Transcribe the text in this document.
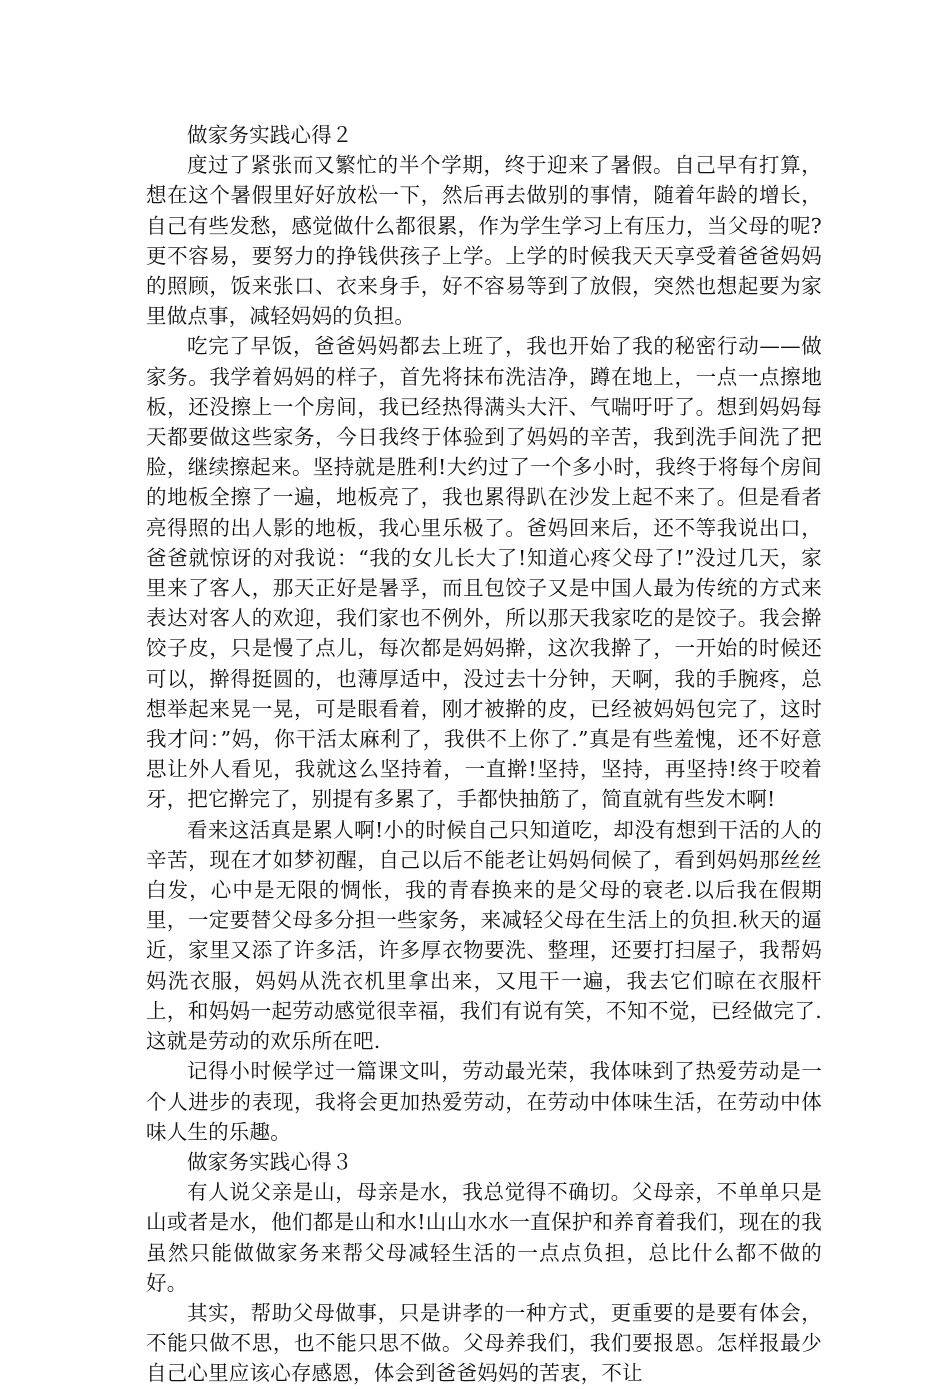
做家务实践心得２

度过了紧张而又繁忙的半个学期，终于迎来了暑假。自己早有打算，想在这个暑假里好好放松一下，然后再去做别的事情，随着年龄的增长，自己有些发愁，感觉做什么都很累，作为学生学习上有压力，当父母的呢?更不容易，要努力的挣钱供孩子上学。上学的时候我天天享受着爸爸妈妈的照顾，饭来张口、衣来身手，好不容易等到了放假，突然也想起要为家里做点事，减轻妈妈的负担。

吃完了早饭，爸爸妈妈都去上班了，我也开始了我的秘密行动——做家务。我学着妈妈的样子，首先将抹布洗洁净，蹲在地上，一点一点擦地板，还没擦上一个房间，我已经热得满头大汗、气喘吁吁了。想到妈妈每天都要做这些家务，今日我终于体验到了妈妈的辛苦，我到洗手间洗了把脸，继续擦起来。坚持就是胜利!大约过了一个多小时，我终于将每个房间的地板全擦了一遍，地板亮了，我也累得趴在沙发上起不来了。但是看者亮得照的出人影的地板，我心里乐极了。爸妈回来后，还不等我说出口，爸爸就惊讶的对我说：“我的女儿长大了!知道心疼父母了!”没过几天，家里来了客人，那天正好是暑孚，而且包饺子又是中国人最为传统的方式来表达对客人的欢迎，我们家也不例外，所以那天我家吃的是饺子。我会擀饺子皮，只是慢了点儿，每次都是妈妈擀，这次我擀了，一开始的时候还可以，擀得挺圆的，也薄厚适中，没过去十分钟，天啊，我的手腕疼，总想举起来晃一晃，可是眼看着，刚才被擀的皮，已经被妈妈包完了，这时我才问：”妈，你干活太麻利了，我供不上你了.”真是有些羞愧，还不好意思让外人看见，我就这么坚持着，一直擀!坚持，坚持，再坚持!终于咬着牙，把它擀完了，别提有多累了，手都快抽筋了，简直就有些发木啊!

看来这活真是累人啊!小的时候自己只知道吃，却没有想到干活的人的辛苦，现在才如梦初醒，自己以后不能老让妈妈伺候了，看到妈妈那丝丝白发，心中是无限的惆怅，我的青春换来的是父母的衰老.以后我在假期里，一定要替父母多分担一些家务，来减轻父母在生活上的负担.秋天的逼近，家里又添了许多活，许多厚衣物要洗、整理，还要打扫屋子，我帮妈妈洗衣服，妈妈从洗衣机里拿出来，又甩干一遍，我去它们晾在衣服杆上，和妈妈一起劳动感觉很幸福，我们有说有笑，不知不觉，已经做完了.这就是劳动的欢乐所在吧.

记得小时候学过一篇课文叫，劳动最光荣，我体味到了热爱劳动是一个人进步的表现，我将会更加热爱劳动，在劳动中体味生活，在劳动中体味人生的乐趣。

做家务实践心得３

有人说父亲是山，母亲是水，我总觉得不确切。父母亲，不单单只是山或者是水，他们都是山和水!山山水水一直保护和养育着我们，现在的我虽然只能做做家务来帮父母减轻生活的一点点负担，总比什么都不做的好。

其实，帮助父母做事，只是讲孝的一种方式，更重要的是要有体会，不能只做不思，也不能只思不做。父母养我们，我们要报恩。怎样报最少自己心里应该心存感恩，体会到爸爸妈妈的苦衷，不让
